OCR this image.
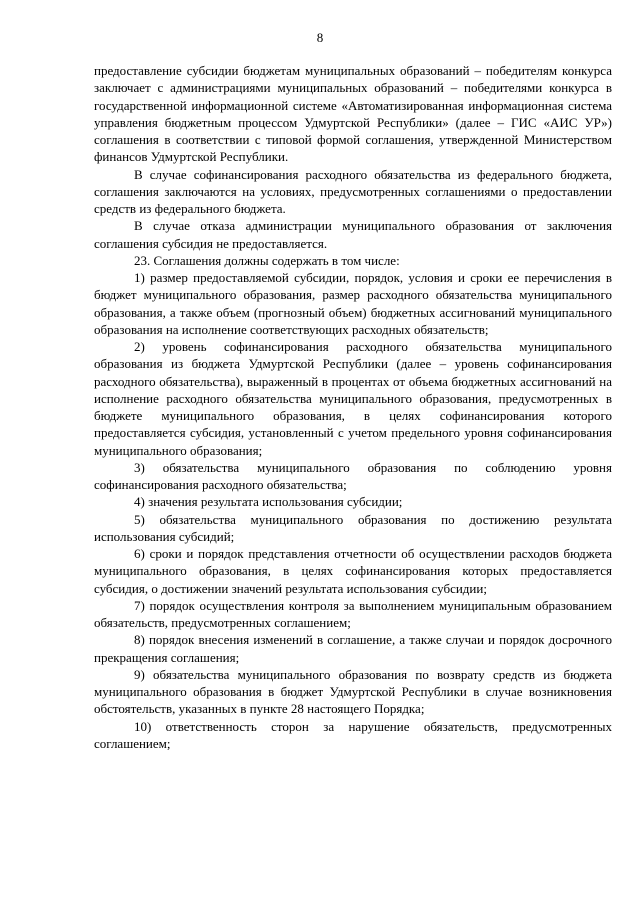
8

предоставление субсидии бюджетам муниципальных образований – победителям конкурса заключает с администрациями муниципальных образований – победителями конкурса в государственной информационной системе «Автоматизированная информационная система управления бюджетным процессом Удмуртской Республики» (далее – ГИС «АИС УР») соглашения в соответствии с типовой формой соглашения, утвержденной Министерством финансов Удмуртской Республики.

В случае софинансирования расходного обязательства из федерального бюджета, соглашения заключаются на условиях, предусмотренных соглашениями о предоставлении средств из федерального бюджета.

В случае отказа администрации муниципального образования от заключения соглашения субсидия не предоставляется.

23. Соглашения должны содержать в том числе:

1) размер предоставляемой субсидии, порядок, условия и сроки ее перечисления в бюджет муниципального образования, размер расходного обязательства муниципального образования, а также объем (прогнозный объем) бюджетных ассигнований муниципального образования на исполнение соответствующих расходных обязательств;

2) уровень софинансирования расходного обязательства муниципального образования из бюджета Удмуртской Республики (далее – уровень софинансирования расходного обязательства), выраженный в процентах от объема бюджетных ассигнований на исполнение расходного обязательства муниципального образования, предусмотренных в бюджете муниципального образования, в целях софинансирования которого предоставляется субсидия, установленный с учетом предельного уровня софинансирования муниципального образования;

3) обязательства муниципального образования по соблюдению уровня софинансирования расходного обязательства;

4) значения результата использования субсидии;

5) обязательства муниципального образования по достижению результата использования субсидий;

6) сроки и порядок представления отчетности об осуществлении расходов бюджета муниципального образования, в целях софинансирования которых предоставляется субсидия, о достижении значений результата использования субсидии;

7) порядок осуществления контроля за выполнением муниципальным образованием обязательств, предусмотренных соглашением;

8) порядок внесения изменений в соглашение, а также случаи и порядок досрочного прекращения соглашения;

9) обязательства муниципального образования по возврату средств из бюджета муниципального образования в бюджет Удмуртской Республики в случае возникновения обстоятельств, указанных в пункте 28 настоящего Порядка;

10) ответственность сторон за нарушение обязательств, предусмотренных соглашением;
